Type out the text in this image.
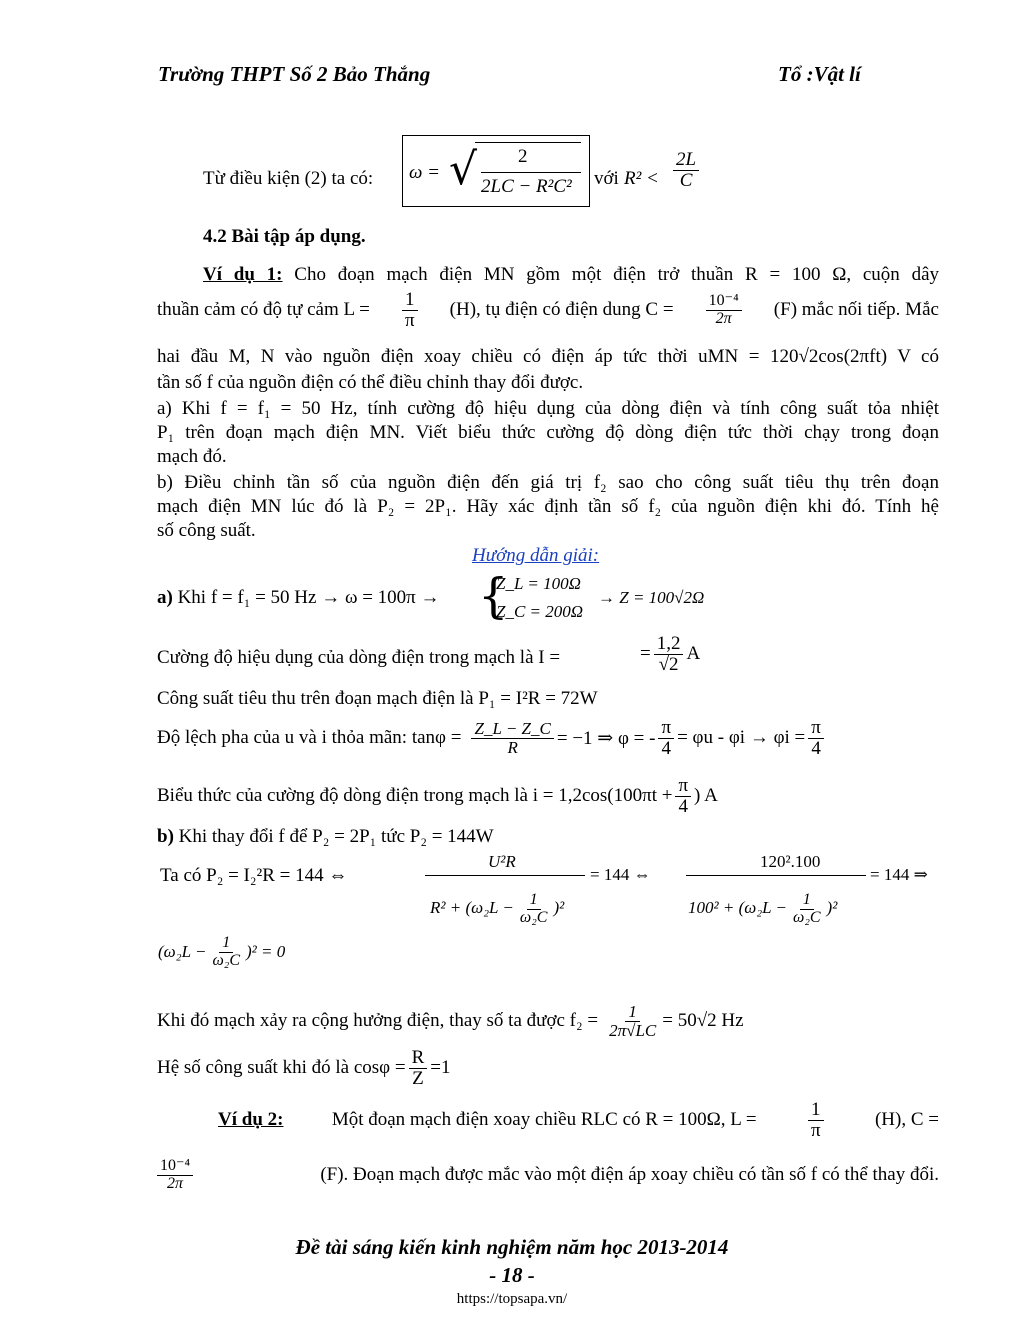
Trường THPT Số 2 Bảo Thắng	Tổ :Vật lí
Từ điều kiện (2) ta có: ω = √ 2
2LC − R²C² với $R^2 < \frac{2L}{C}$
4.2 Bài tập áp dụng.
Ví dụ 1: Cho đoạn mạch điện MN gồm một điện trở thuần R = 100 Ω, cuộn dây
thuần cảm có độ tự cảm $L = \frac{1}{\pi} (H)$, tụ điện có điện dung $C = \frac{\text{10⁻⁴}}{2\pi} (F)$ mắc nối tiếp. Mắc
hai đầu M, N vào nguồn điện xoay chiều có điện áp tức thời uMN = 120√2cos(2πft) V có
tần số f của nguồn điện có thể điều chỉnh thay đổi được.
a) Khi f = f₁ = 50 Hz, tính cường độ hiệu dụng của dòng điện và tính công suất tỏa nhiệt
P₁ trên đoạn mạch điện MN. Viết biểu thức cường độ dòng điện tức thời chạy trong đoạn
mạch đó.
b) Điều chỉnh tần số của nguồn điện đến giá trị f₂ sao cho công suất tiêu thụ trên đoạn
mạch điện MN lúc đó là P₂ = 2P₁. Hãy xác định tần số f₂ của nguồn điện khi đó. Tính hệ
số công suất.
Hướng dẫn giải:
a) Khi f = f₁ = 50 Hz → ω = 100π → {
Z_L = 100Ω
Z_C = 200Ω
→ Z = 100√2Ω
Cường độ hiệu dụng của dòng điện trong mạch là I =	= $\frac{1,2}{√2}$ A
Công suất tiêu thu trên đoạn mạch điện là P₁ = I²R = 72W
Độ lệch pha của u và i thỏa mãn: $\tan\varphi = \frac{Z\_L - Z\_C}{R} = -1$ ⇒ φ = - $\frac{\pi}{4} = \varphi u - \varphi i \to \varphi i = \frac{\pi}{4}$
Biểu thức của cường độ dòng điện trong mạch là $i = 1,2\cos(100\pi t + \frac{\pi}{4}$ ) A
b) Khi thay đổi f để P₂ = 2P₁ tức P₂ = 144W
Ta có P₂ = I₂²R = 144 ⇔
U²R
$R^2 + (\omega_2L - \frac{1}{\text{ω₂C}} )^2$
= 144 ⇔
120².100
$100^2 + (\omega_2L - \frac{1}{\text{ω₂C}} )^2$
= 144 ⇒
$(\omega_2L - \frac{1}{\text{ω₂C}} )^2 = 0$
Khi đó mạch xảy ra cộng hưởng điện, thay số ta được $f_2 = \frac{1}{2\pi√LC} = 50√2$ Hz
Hệ số công suất khi đó là $\cos\varphi = \frac{R}{Z} =1$
Ví dụ 2:	Một đoạn mạch điện xoay chiều RLC có R = 100Ω, L =	$\frac{1}{\pi}$	(H), C =
$\frac{\text{10⁻⁴}}{2\pi}$	(F). Đoạn mạch được mắc vào một điện áp xoay chiều có tần số f có thể thay đổi.
Đề tài sáng kiến kinh nghiệm năm học 2013-2014
- 18 -
https://topsapa.vn/
